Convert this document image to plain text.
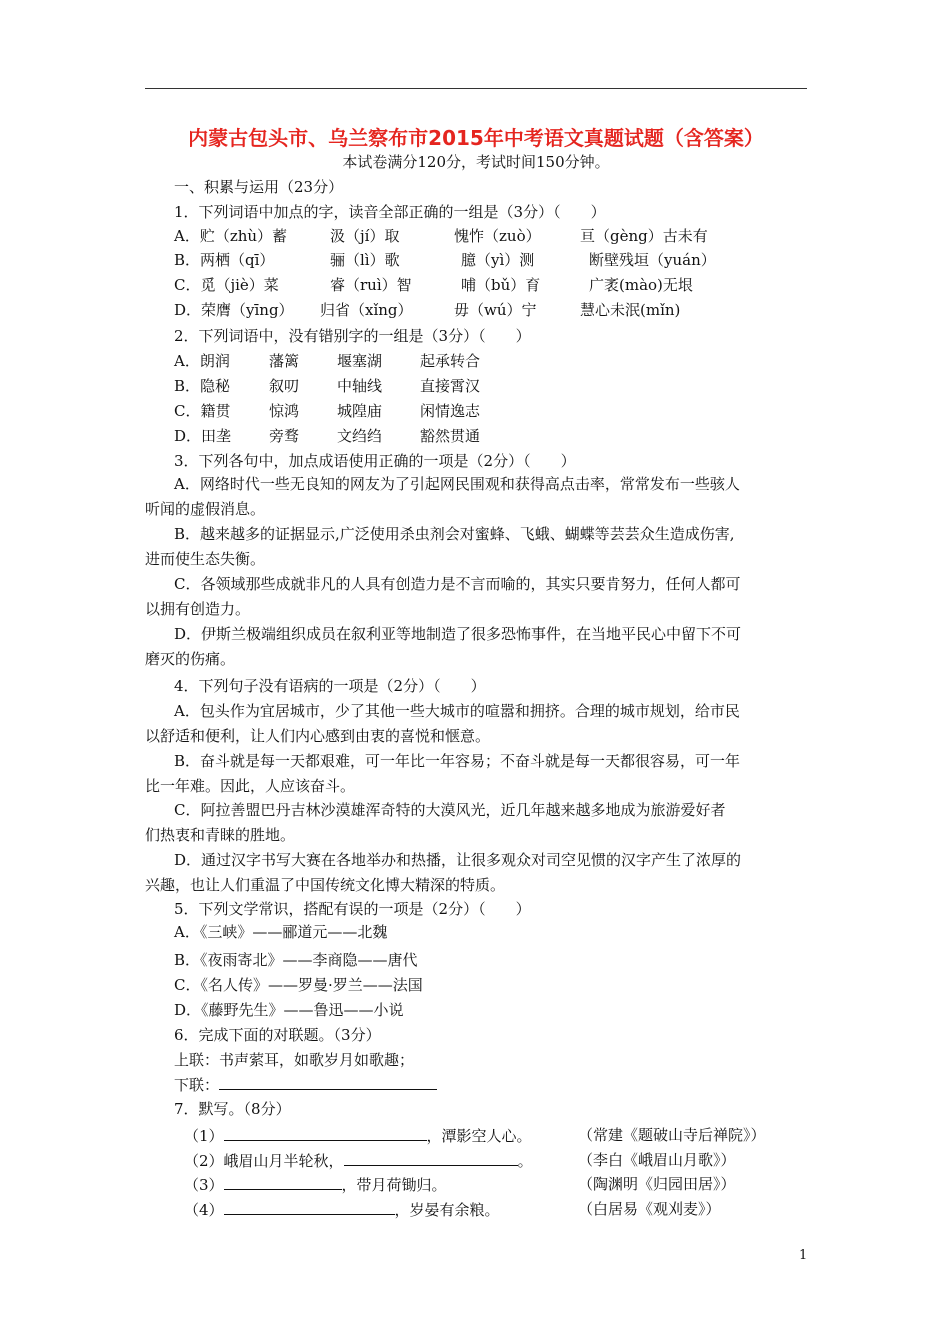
内蒙古包头市、乌兰察布市2015年中考语文真题试题（含答案）
本试卷满分120分，考试时间150分钟。
一、积累与运用（23分）
1．下列词语中加点的字，读音全部正确的一组是（3分）（　　）
A．贮（zhù）蓄	汲（jí）取	愧怍（zuò）	亘（gèng）古未有
B．两栖（qī）	骊（lì）歌	臆（yì）测	断壁残垣（yuán）
C．觅（jiè）菜	睿（ruì）智	哺（bǔ）育	广袤(mào)无垠
D．荣膺（yīng） 归省（xǐng）	毋（wú）宁	慧心未泯(mǐn)
2．下列词语中，没有错别字的一组是（3分）（　　）
A．朗润	藩篱	堰塞湖	起承转合
B．隐秘	叙叨	中轴线	直接霄汉
C．籍贯	惊鸿	城隍庙	闲情逸志
D．田垄	旁骛	文绉绉	豁然贯通
3．下列各句中，加点成语使用正确的一项是（2分）（　　）
A．网络时代一些无良知的网友为了引起网民围观和获得高点击率，常常发布一些骇人
听闻的虚假消息。
B．越来越多的证据显示,广泛使用杀虫剂会对蜜蜂、飞蛾、蝴蝶等芸芸众生造成伤害,
进而使生态失衡。
C．各领域那些成就非凡的人具有创造力是不言而喻的，其实只要肯努力，任何人都可
以拥有创造力。
D．伊斯兰极端组织成员在叙利亚等地制造了很多恐怖事件，在当地平民心中留下不可
磨灭的伤痛。
4．下列句子没有语病的一项是（2分）（　　）
A．包头作为宜居城市，少了其他一些大城市的喧嚣和拥挤。合理的城市规划，给市民
以舒适和便利，让人们内心感到由衷的喜悦和惬意。
B．奋斗就是每一天都艰难，可一年比一年容易；不奋斗就是每一天都很容易，可一年
比一年难。因此，人应该奋斗。
C．阿拉善盟巴丹吉林沙漠雄浑奇特的大漠风光，近几年越来越多地成为旅游爱好者
们热衷和青睐的胜地。
D．通过汉字书写大赛在各地举办和热播，让很多观众对司空见惯的汉字产生了浓厚的
兴趣，也让人们重温了中国传统文化博大精深的特质。
5．下列文学常识，搭配有误的一项是（2分）（　　）
A．《三峡》——郦道元——北魏
B．《夜雨寄北》——李商隐——唐代
C．《名人传》——罗曼·罗兰——法国
D．《藤野先生》——鲁迅——小说
6．完成下面的对联题。（3分）
上联：书声萦耳，如歌岁月如歌趣；
下联：
7．默写。（8分）
（1）	，潭影空人心。	（常建《题破山寺后禅院》）
（2）峨眉山月半轮秋，	。	（李白《峨眉山月歌》）
（3）	，带月荷锄归。	（陶渊明《归园田居》）
（4）	，岁晏有余粮。	（白居易《观刈麦》）
1
